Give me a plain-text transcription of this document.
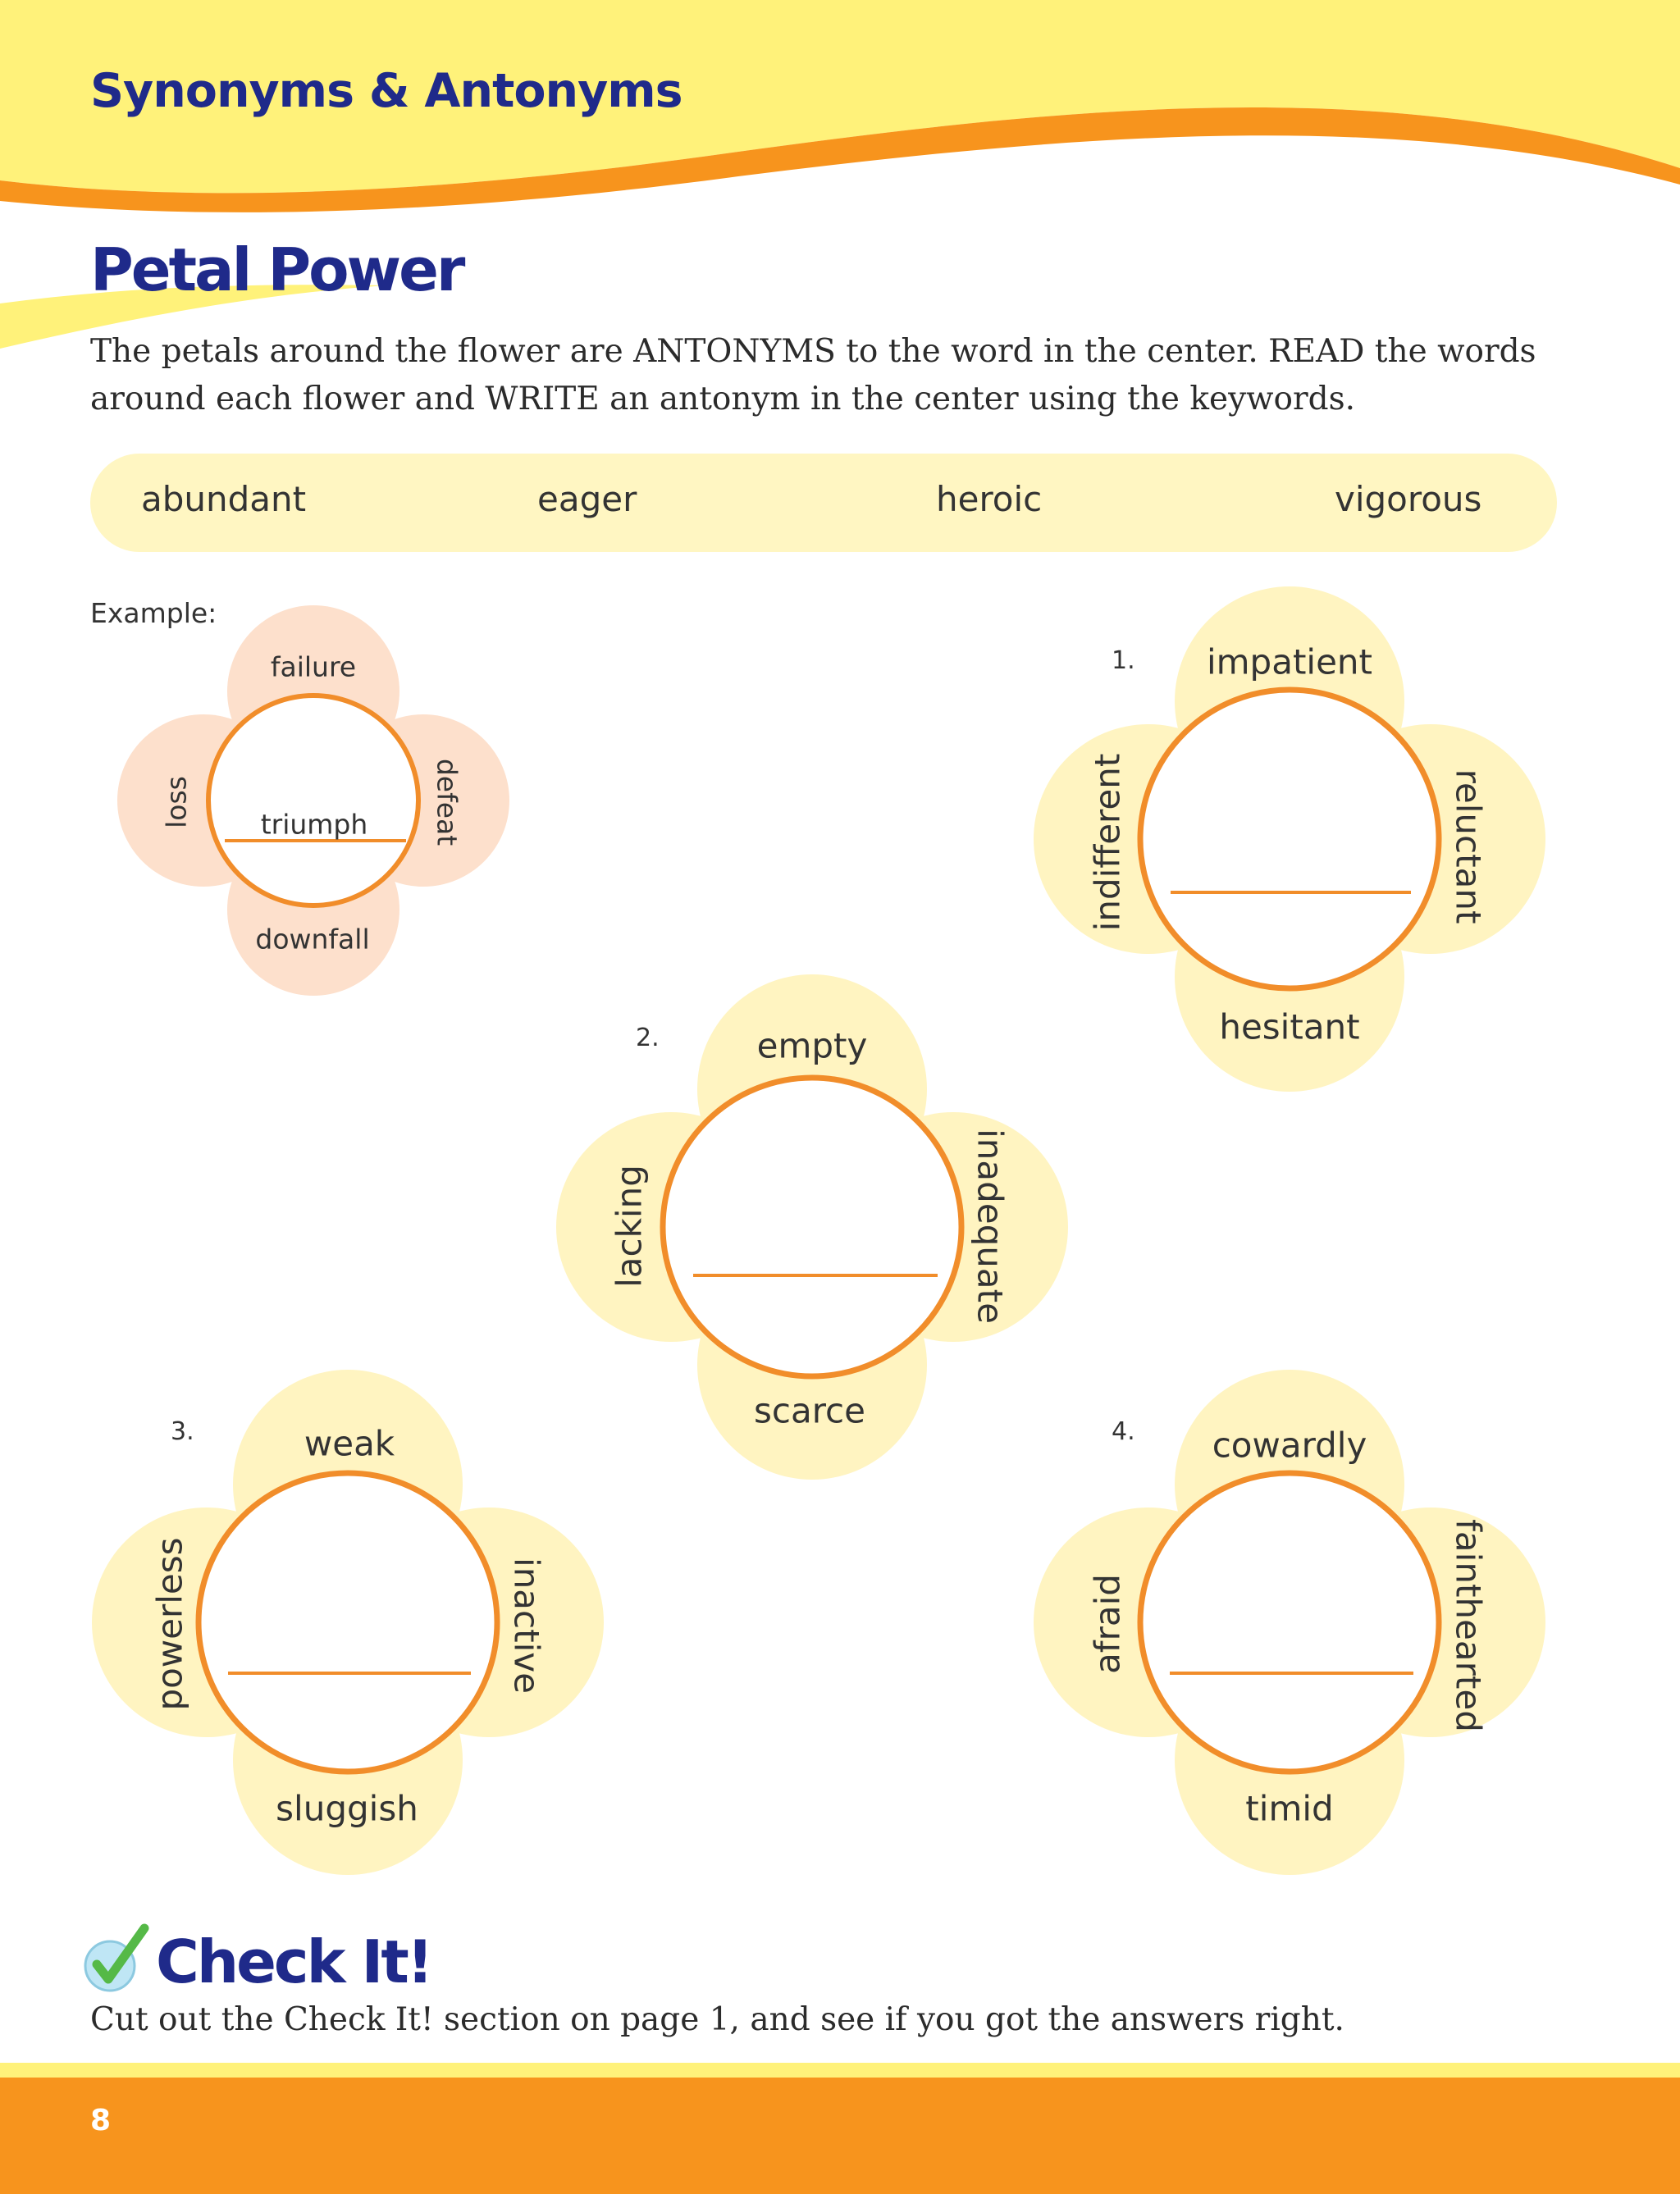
Synonyms & Antonyms
Petal Power
The petals around the flower are ANTONYMS to the word in the center. READ the words around each flower and WRITE an antonym in the center using the keywords.
abundant	eager	heroic	vigorous
Example:
failure
downfall
loss	defeat
triumph
1. impatient
hesitant
indifferent	reluctant
2.	empty
scarce
lacking	inadequate
3.	weak
sluggish
powerless	inactive
4. cowardly
timid
afraid	fainthearted
Check It!
Cut out the Check It! section on page 1, and see if you got the answers right.
8
